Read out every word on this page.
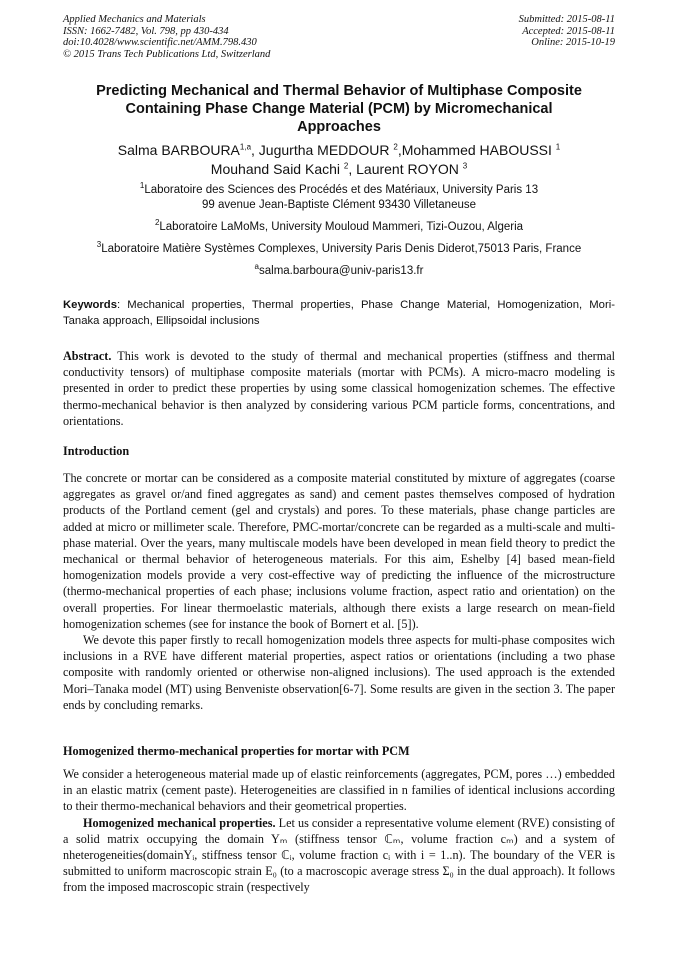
Applied Mechanics and Materials
ISSN: 1662-7482, Vol. 798, pp 430-434
doi:10.4028/www.scientific.net/AMM.798.430
© 2015 Trans Tech Publications Ltd, Switzerland
Submitted: 2015-08-11
Accepted: 2015-08-11
Online: 2015-10-19
Predicting Mechanical and Thermal Behavior of Multiphase Composite
Containing Phase Change Material (PCM) by Micromechanical
Approaches
Salma BARBOURA$^{1,a}$, Jugurtha MEDDOUR $^2$,Mohammed HABOUSSI $^1$
Mouhand Said Kachi $^2$, Laurent ROYON $^3$
$^1$Laboratoire des Sciences des Procédés et des Matériaux, University Paris 13
99 avenue Jean-Baptiste Clément 93430 Villetaneuse
$^2$Laboratoire LaMoMs, University Mouloud Mammeri, Tizi-Ouzou, Algeria
$^3$Laboratoire Matière Systèmes Complexes, University Paris Denis Diderot,75013 Paris, France
$^a$salma.barboura@univ-paris13.fr
Keywords: Mechanical properties, Thermal properties, Phase Change Material, Homogenization, Mori-Tanaka approach, Ellipsoidal inclusions
Abstract. This work is devoted to the study of thermal and mechanical properties (stiffness and thermal conductivity tensors) of multiphase composite materials (mortar with PCMs). A micro-macro modeling is presented in order to predict these properties by using some classical homogenization schemes. The effective thermo-mechanical behavior is then analyzed by considering various PCM particle forms, concentrations, and orientations.
Introduction
The concrete or mortar can be considered as a composite material constituted by mixture of aggregates (coarse aggregates as gravel or/and fined aggregates as sand) and cement pastes themselves composed of hydration products of the Portland cement (gel and crystals) and pores. To these materials, phase change particles are added at micro or millimeter scale. Therefore, PMC-mortar/concrete can be regarded as a multi-scale and multi-phase material. Over the years, many multiscale models have been developed in mean field theory to predict the mechanical or thermal behavior of heterogeneous materials. For this aim, Eshelby [4] based mean-field homogenization models provide a very cost-effective way of predicting the influence of the microstructure (thermo-mechanical properties of each phase; inclusions volume fraction, aspect ratio and orientation) on the overall properties. For linear thermoelastic materials, although there exists a large research on mean-field homogenization schemes (see for instance the book of Bornert et al. [5]).
We devote this paper firstly to recall homogenization models three aspects for multi-phase composites wich inclusions in a RVE have different material properties, aspect ratios or orientations (including a two phase composite with randomly oriented or otherwise non-aligned inclusions). The used approach is the extended Mori–Tanaka model (MT) using Benveniste observation[6-7]. Some results are given in the section 3. The paper ends by concluding remarks.
Homogenized thermo-mechanical properties for mortar with PCM
We consider a heterogeneous material made up of elastic reinforcements (aggregates, PCM, pores …) embedded in an elastic matrix (cement paste). Heterogeneities are classified in n families of identical inclusions according to their thermo-mechanical behaviors and their geometrical properties.
Homogenized mechanical properties. Let us consider a representative volume element (RVE) consisting of a solid matrix occupying the domain Yₘ (stiffness tensor ℂₘ, volume fraction cₘ) and a system of nheterogeneities(domainYᵢ, stiffness tensor ℂᵢ, volume fraction cᵢ with i = 1..n). The boundary of the VER is submitted to uniform macroscopic strain E₀ (to a macroscopic average stress Σ₀ in the dual approach). It follows from the imposed macroscopic strain (respectively
